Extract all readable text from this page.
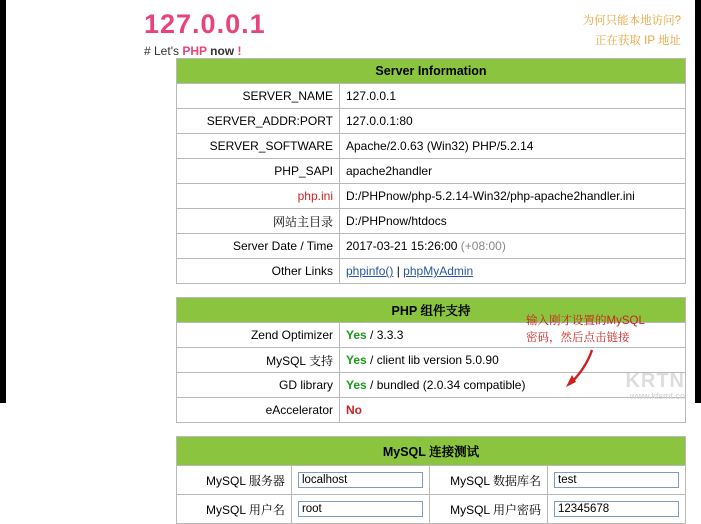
127.0.0.1
# Let's PHP now !
为何只能本地访问?
正在获取 IP 地址
Server Information	
SERVER_NAME	127.0.0.1
SERVER_ADDR:PORT	127.0.0.1:80
SERVER_SOFTWARE	Apache/2.0.63 (Win32) PHP/5.2.14
PHP_SAPI	apache2handler
php.ini	D:/PHPnow/php-5.2.14-Win32/php-apache2handler.ini
网站主目录	D:/PHPnow/htdocs
Server Date / Time	2017-03-21 15:26:00 (+08:00)
Other Links	phpinfo() | phpMyAdmin
PHP 组件支持	
Zend Optimizer	Yes / 3.3.3
MySQL 支持	Yes / client lib version 5.0.90
GD library	Yes / bundled (2.0.34 compatible)
eAccelerator	No
MySQL 连接测试			
MySQL 服务器	localhost	MySQL 数据库名	test
MySQL 用户名	root	MySQL 用户密码	12345678
输入刚才设置的MySQL
密码，然后点击链接
KRTN
www.kfsmt.cn
